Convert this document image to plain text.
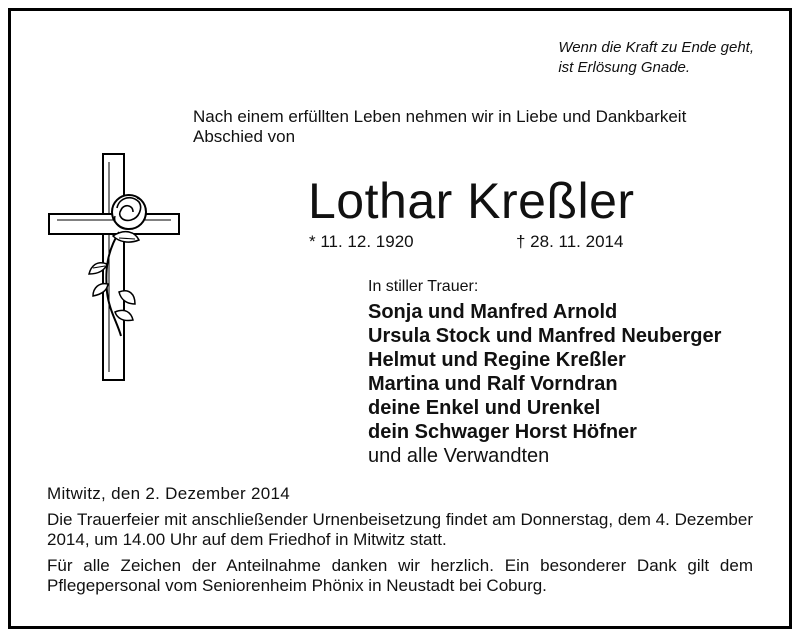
Wenn die Kraft zu Ende geht,
ist Erlösung Gnade.
Nach einem erfüllten Leben nehmen wir in Liebe und Dankbarkeit
Abschied von
Lothar Kreßler
* 11. 12. 1920	† 28. 11. 2014
In stiller Trauer:
Sonja und Manfred Arnold
Ursula Stock und Manfred Neuberger
Helmut und Regine Kreßler
Martina und Ralf Vorndran
deine Enkel und Urenkel
dein Schwager Horst Höfner
und alle Verwandten
Mitwitz, den 2. Dezember 2014
Die Trauerfeier mit anschließender Urnenbeisetzung findet am Donnerstag, dem 4. Dezember 2014, um 14.00 Uhr auf dem Friedhof in Mitwitz statt.
Für alle Zeichen der Anteilnahme danken wir herzlich. Ein besonderer Dank gilt dem Pflegepersonal vom Seniorenheim Phönix in Neustadt bei Coburg.
